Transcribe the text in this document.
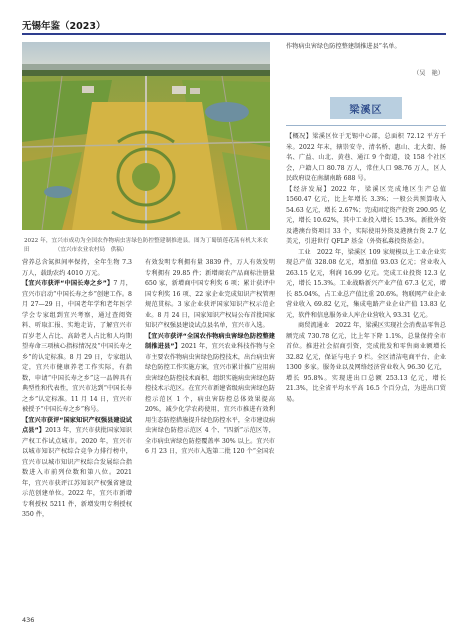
无锡年鉴（2023）
2022 年，宜兴市成功为全国农作物病虫害绿色防控整建制推进县。图为丁蜀镇莲花荡有机大米农田　　　　　（宜兴市农业农村局　供稿）

营养总含氮担间率保持，全年生物 7.3 万人，载助农约 4010 万元。

【宜兴市获评“中国长寿之乡”】7 月，宜兴市启动“中国长寿之乡”创建工作。8 月 27—29 日，中国老年学和老年医学学会专家组到宜兴考察，通过查阅资料、听取汇报、实地走访，了解宜兴市百岁老人占比、高龄老人占比和人均期望寿命三项核心指标情况及“中国长寿之乡”的认定标准。8 月 29 日，专家组认定，宜兴市健康养老工作实际，有指数，申请“中国长寿之乡”这一品牌具有典型性和代表性，宜兴市达到“中国长寿之乡”认定标准。11 月 14 日，宜兴市被授予“中国长寿之乡”称号。

【宜兴市获评“国家知识产权强县建设试点县”】2013 年，宜兴市获批国家知识产权工作试点城市。2020 年，宜兴市以城市知识产权综合竞争力排行榜中，宜兴市以城市知识产权综合发展综合指数进入市前列位数和第八位。2021 年，宜兴市获评江苏知识产权强省建设示范创建单位。2022 年，宜兴市新增专利授权 5211 件，新增发明专利授权 350 件，

有效发明专利拥有量 3839 件，万人有效发明专利拥有 29.85 件；新增商农产品商标注册量 650 家，新增商中国专利奖 6 项；累计获评中国专利奖 16 项、22 家企业完成知识产权管理规范贯标。3 家企业获评国家知识产权示范企业。8 月 24 日，国家知识产权局公布首批国家知识产权强县建设试点县名单，宜兴市入选。

【宜兴市获评“全国农作物病虫害绿色防控整建制推进县”】2021 年，宜兴农业科技作物与全市主要农作物病虫害绿色防控技术，出台病虫害绿色防控工作实施方案，宜兴市累计推广应用病虫害绿色防控技术面积、组织实施病虫害绿色防控技术示范区。在宜兴市新建省级病虫害绿色防控示范区 1 个，病虫害防控总体效果提高 20%，减少化学农药使用，宜兴市推进有效利用生态防控措施提升绿色防控水平，全市建设病虫害绿色防控示范区 4 个、“四新”示范区等，全市病虫害绿色防控覆盖率 30% 以上。宜兴市 6 月 23 日，宜兴市入选第二批 120 个“全国农

作物病虫害绿色防控整建制推进县”名单。
（吴　艳）
梁溪区

【概况】梁溪区位于无锡中心部，总面积 72.12 平方千米。2022 年末，辖崇安寺、清名桥、惠山、北大街、扬名、广益、山北、黄巷、通江 9 个街道，设 158 个社区会，户籍人口 80.78 万人，常住人口 98.76 万人，区人民政府设在南湖南路 688 号。

【经济发展】2022 年，梁溪区完成地区生产总值 1560.47 亿元，比上年增长 3.3%；一般公共预算收入 54.63 亿元，增长 2.67%；完成固定资产投资 290.95 亿元，增长 10.62%，其中工业投入增长 15.3%。新批外资及港澳台资项目 33 个，实际使用外资及港澳台资 2.7 亿美元，引进世行 QFLP 基金（外资私募投资基金）。

工业　2022 年，梁溪区 109 家规模以上工业企业实现总产值 328.08 亿元，增加值 93.03 亿元；营业收入 263.15 亿元，利润 16.99 亿元。完成工业投资 12.3 亿元，增长 15.3%。工业战略新兴产业产值 67.3 亿元，增长 85.04%，占工业总产值比重 20.6%。物联网产业企业营业收入 69.82 亿元，集成电路产业企业产值 13.83 亿元，软件和信息服务业人库企业营收入 93.31 亿元。

商贸流通业　2022 年，梁溪区实现社会消费品零售总额完成 730.78 亿元，比上年下降 1.1%，总量保持全市首位。推进社会招商引资，完成批发和零售商业额增长 32.82 亿元，保证与电子 9 栏。全区清洁电商平台、企业 1300 多家。服务业以及网络经济营业收入 96.30 亿元，增长 95.8%。实现进出口总额 253.13 亿元，增长 21.3%，比全省平均水平高 16.5 个百分点，为进出口贸易。

436
